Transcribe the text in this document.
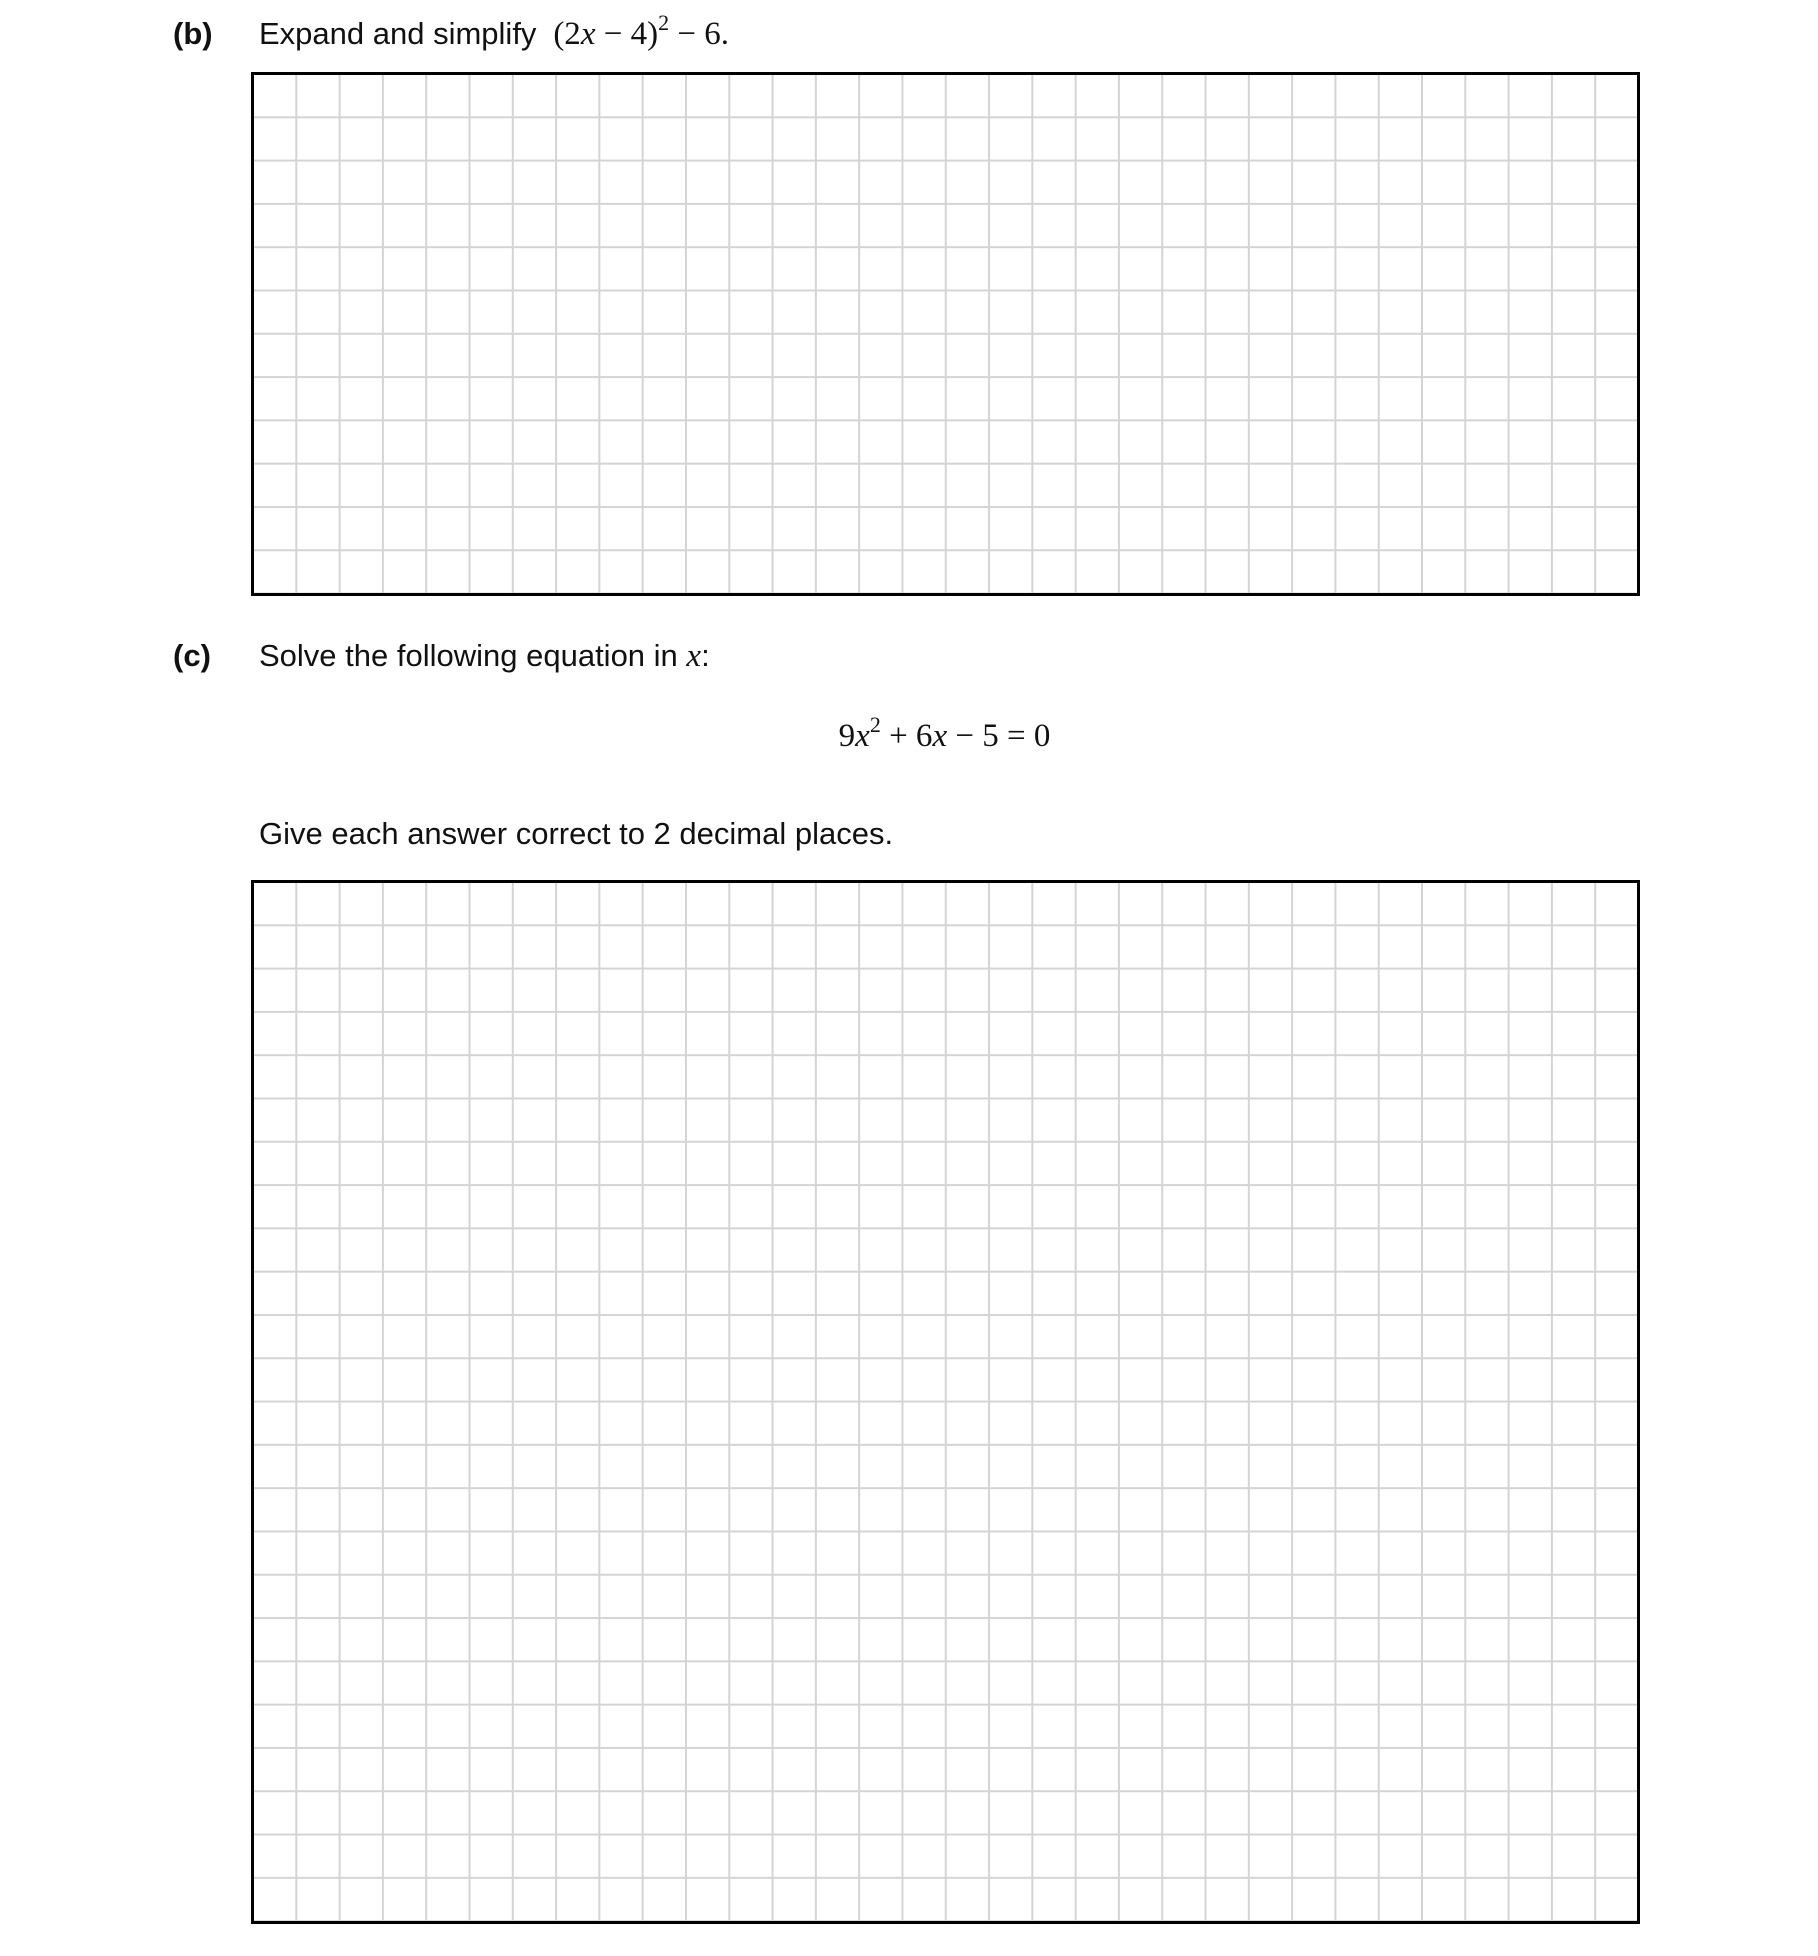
(b) Expand and simplify $(2x - 4)^2 - 6$.
(c) Solve the following equation in x:
$9x^2 + 6x - 5 = 0$
Give each answer correct to 2 decimal places.
